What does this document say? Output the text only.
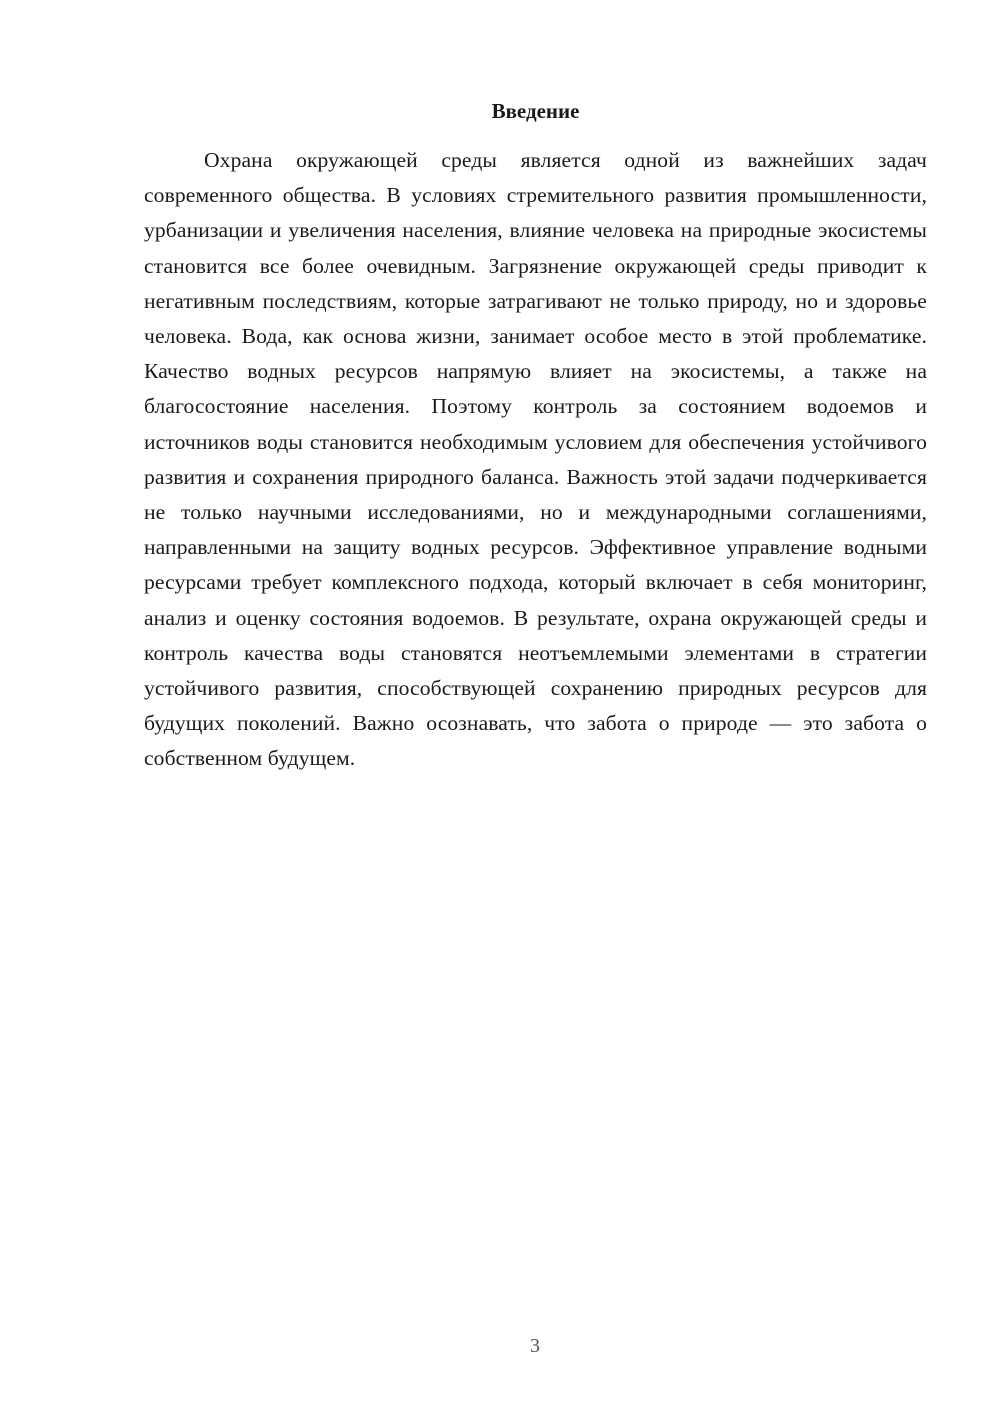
Введение

Охрана окружающей среды является одной из важнейших задач современного общества. В условиях стремительного развития промышленности, урбанизации и увеличения населения, влияние человека на природные экосистемы становится все более очевидным. Загрязнение окружающей среды приводит к негативным последствиям, которые затрагивают не только природу, но и здоровье человека. Вода, как основа жизни, занимает особое место в этой проблематике. Качество водных ресурсов напрямую влияет на экосистемы, а также на благосостояние населения. Поэтому контроль за состоянием водоемов и источников воды становится необходимым условием для обеспечения устойчивого развития и сохранения природного баланса. Важность этой задачи подчеркивается не только научными исследованиями, но и международными соглашениями, направленными на защиту водных ресурсов. Эффективное управление водными ресурсами требует комплексного подхода, который включает в себя мониторинг, анализ и оценку состояния водоемов. В результате, охрана окружающей среды и контроль качества воды становятся неотъемлемыми элементами в стратегии устойчивого развития, способствующей сохранению природных ресурсов для будущих поколений. Важно осознавать, что забота о природе — это забота о собственном будущем.

3
